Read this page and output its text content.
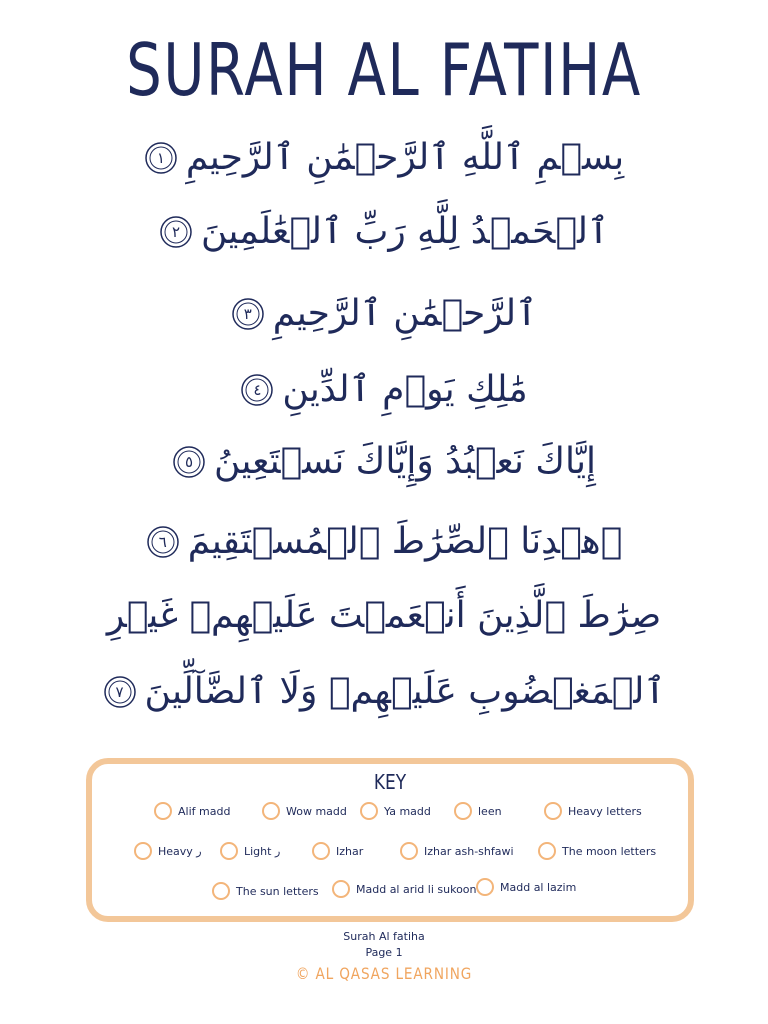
SURAH AL FATIHA
بِسۡمِ ٱللَّهِ ٱلرَّحۡمَٰنِ ٱلرَّحِيمِ
١
ٱلۡحَمۡدُ لِلَّهِ رَبِّ ٱلۡعَٰلَمِينَ
٢
ٱلرَّحۡمَٰنِ ٱلرَّحِيمِ
٣
مَٰلِكِ يَوۡمِ ٱلدِّينِ
٤
إِيَّاكَ نَعۡبُدُ وَإِيَّاكَ نَسۡتَعِينُ
٥
ٱهۡدِنَا ٱلصِّرَٰطَ ٱلۡمُسۡتَقِيمَ
٦
صِرَٰطَ ٱلَّذِينَ أَنۡعَمۡتَ عَلَيۡهِمۡ غَيۡرِ
ٱلۡمَغۡضُوبِ عَلَيۡهِمۡ وَلَا ٱلضَّآلِّينَ
٧
KEY
Alif madd	Wow madd	Ya madd	leen	Heavy letters
Heavy ر	Light ر	Izhar	Izhar ash-shfawi	The moon letters
The sun letters	Madd al arid li sukoon Madd al lazim
Surah Al fatiha
Page 1
© AL QASAS LEARNING
